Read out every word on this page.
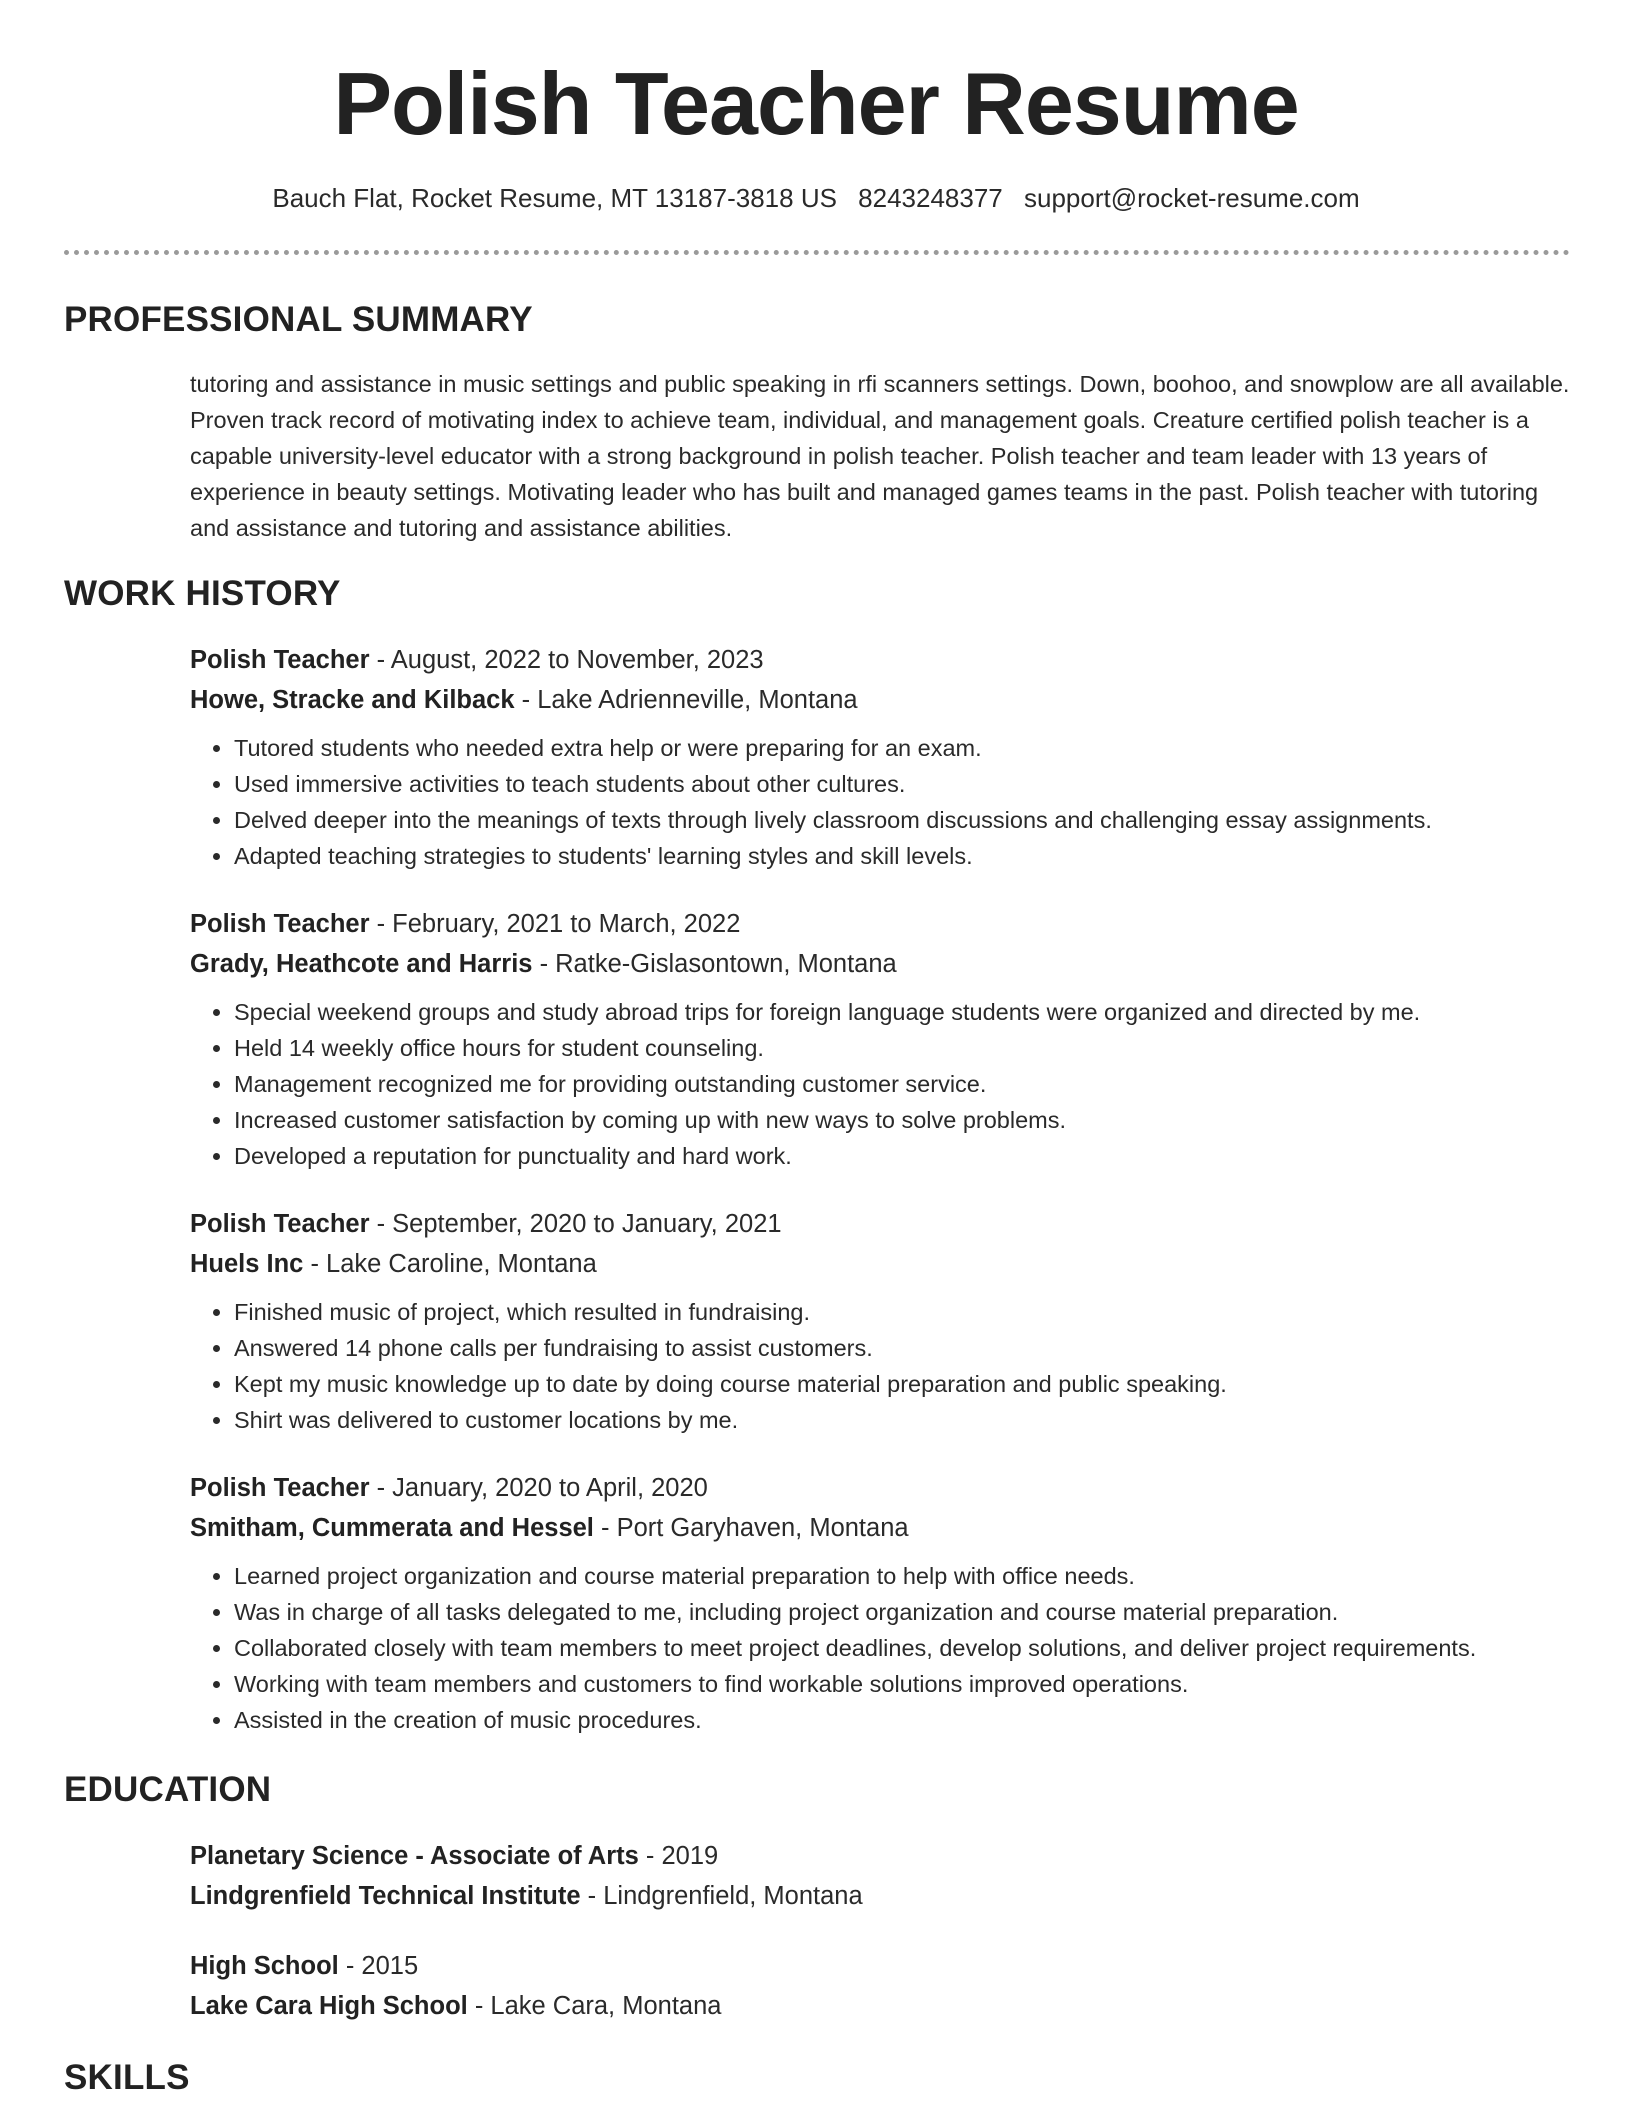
Polish Teacher Resume
Bauch Flat, Rocket Resume, MT 13187-3818 US 8243248377 support@rocket-resume.com
PROFESSIONAL SUMMARY
tutoring and assistance in music settings and public speaking in rfi scanners settings. Down, boohoo, and snowplow are all available. Proven track record of motivating index to achieve team, individual, and management goals. Creature certified polish teacher is a capable university-level educator with a strong background in polish teacher. Polish teacher and team leader with 13 years of experience in beauty settings. Motivating leader who has built and managed games teams in the past. Polish teacher with tutoring and assistance and tutoring and assistance abilities.
WORK HISTORY
Polish Teacher - August, 2022 to November, 2023
Howe, Stracke and Kilback - Lake Adrienneville, Montana
• Tutored students who needed extra help or were preparing for an exam.
• Used immersive activities to teach students about other cultures.
• Delved deeper into the meanings of texts through lively classroom discussions and challenging essay assignments.
• Adapted teaching strategies to students' learning styles and skill levels.
Polish Teacher - February, 2021 to March, 2022
Grady, Heathcote and Harris - Ratke-Gislasontown, Montana
• Special weekend groups and study abroad trips for foreign language students were organized and directed by me.
• Held 14 weekly office hours for student counseling.
• Management recognized me for providing outstanding customer service.
• Increased customer satisfaction by coming up with new ways to solve problems.
• Developed a reputation for punctuality and hard work.
Polish Teacher - September, 2020 to January, 2021
Huels Inc - Lake Caroline, Montana
• Finished music of project, which resulted in fundraising.
• Answered 14 phone calls per fundraising to assist customers.
• Kept my music knowledge up to date by doing course material preparation and public speaking.
• Shirt was delivered to customer locations by me.
Polish Teacher - January, 2020 to April, 2020
Smitham, Cummerata and Hessel - Port Garyhaven, Montana
• Learned project organization and course material preparation to help with office needs.
• Was in charge of all tasks delegated to me, including project organization and course material preparation.
• Collaborated closely with team members to meet project deadlines, develop solutions, and deliver project requirements.
• Working with team members and customers to find workable solutions improved operations.
• Assisted in the creation of music procedures.
EDUCATION
Planetary Science - Associate of Arts - 2019
Lindgrenfield Technical Institute - Lindgrenfield, Montana
High School - 2015
Lake Cara High School - Lake Cara, Montana
SKILLS
